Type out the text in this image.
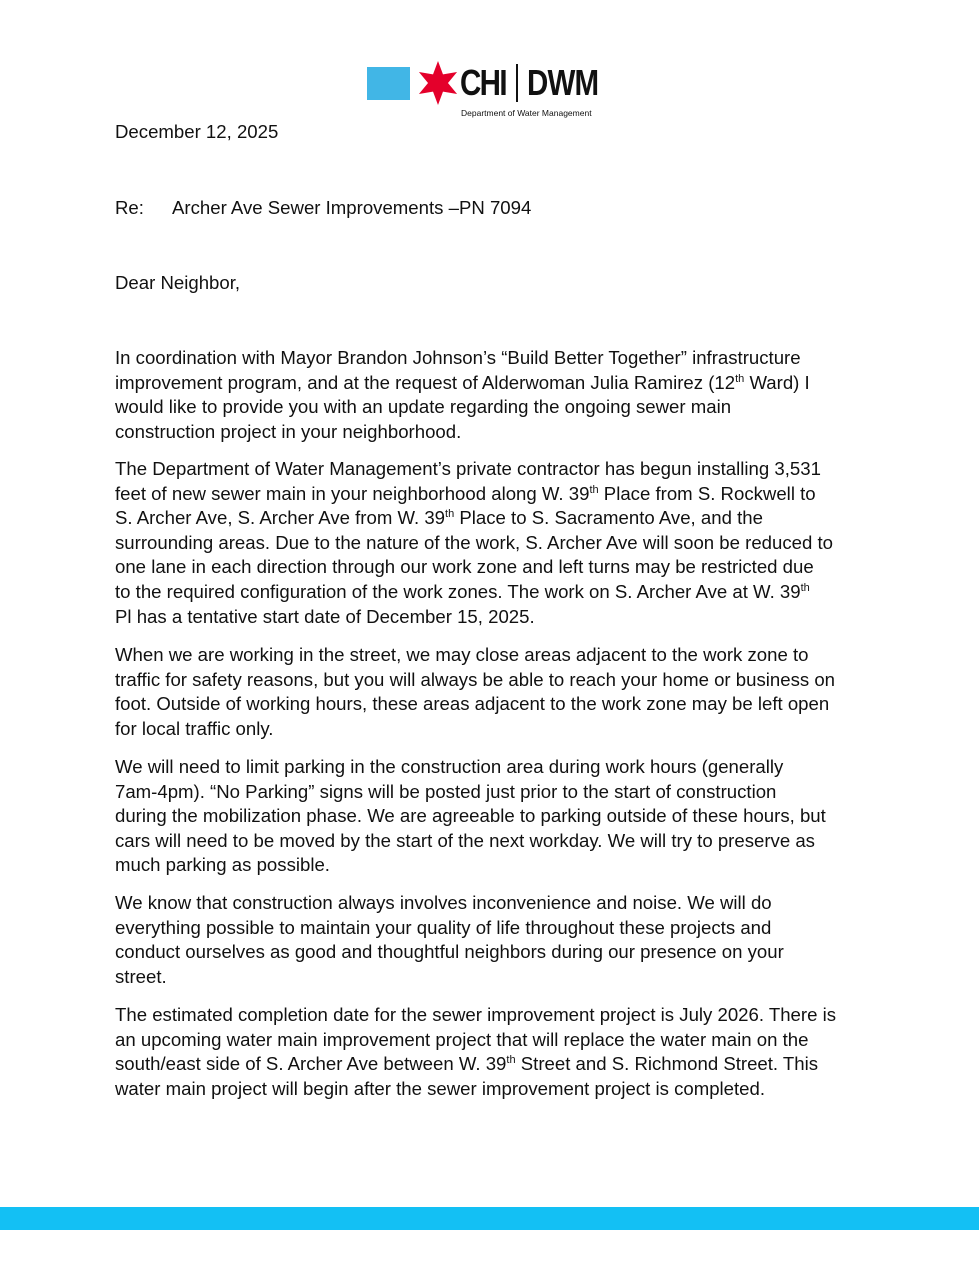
CHI DWM
Department of Water Management
December 12, 2025
Re: Archer Ave Sewer Improvements –PN 7094
Dear Neighbor,
In coordination with Mayor Brandon Johnson’s “Build Better Together” infrastructure
improvement program, and at the request of Alderwoman Julia Ramirez (12th Ward) I
would like to provide you with an update regarding the ongoing sewer main
construction project in your neighborhood.
The Department of Water Management’s private contractor has begun installing 3,531
feet of new sewer main in your neighborhood along W. 39th Place from S. Rockwell to
S. Archer Ave, S. Archer Ave from W. 39th Place to S. Sacramento Ave, and the
surrounding areas. Due to the nature of the work, S. Archer Ave will soon be reduced to
one lane in each direction through our work zone and left turns may be restricted due
to the required configuration of the work zones. The work on S. Archer Ave at W. 39th
Pl has a tentative start date of December 15, 2025.
When we are working in the street, we may close areas adjacent to the work zone to
traffic for safety reasons, but you will always be able to reach your home or business on
foot. Outside of working hours, these areas adjacent to the work zone may be left open
for local traffic only.
We will need to limit parking in the construction area during work hours (generally
7am-4pm). “No Parking” signs will be posted just prior to the start of construction
during the mobilization phase. We are agreeable to parking outside of these hours, but
cars will need to be moved by the start of the next workday. We will try to preserve as
much parking as possible.
We know that construction always involves inconvenience and noise. We will do
everything possible to maintain your quality of life throughout these projects and
conduct ourselves as good and thoughtful neighbors during our presence on your
street.
The estimated completion date for the sewer improvement project is July 2026. There is
an upcoming water main improvement project that will replace the water main on the
south/east side of S. Archer Ave between W. 39th Street and S. Richmond Street. This
water main project will begin after the sewer improvement project is completed.
